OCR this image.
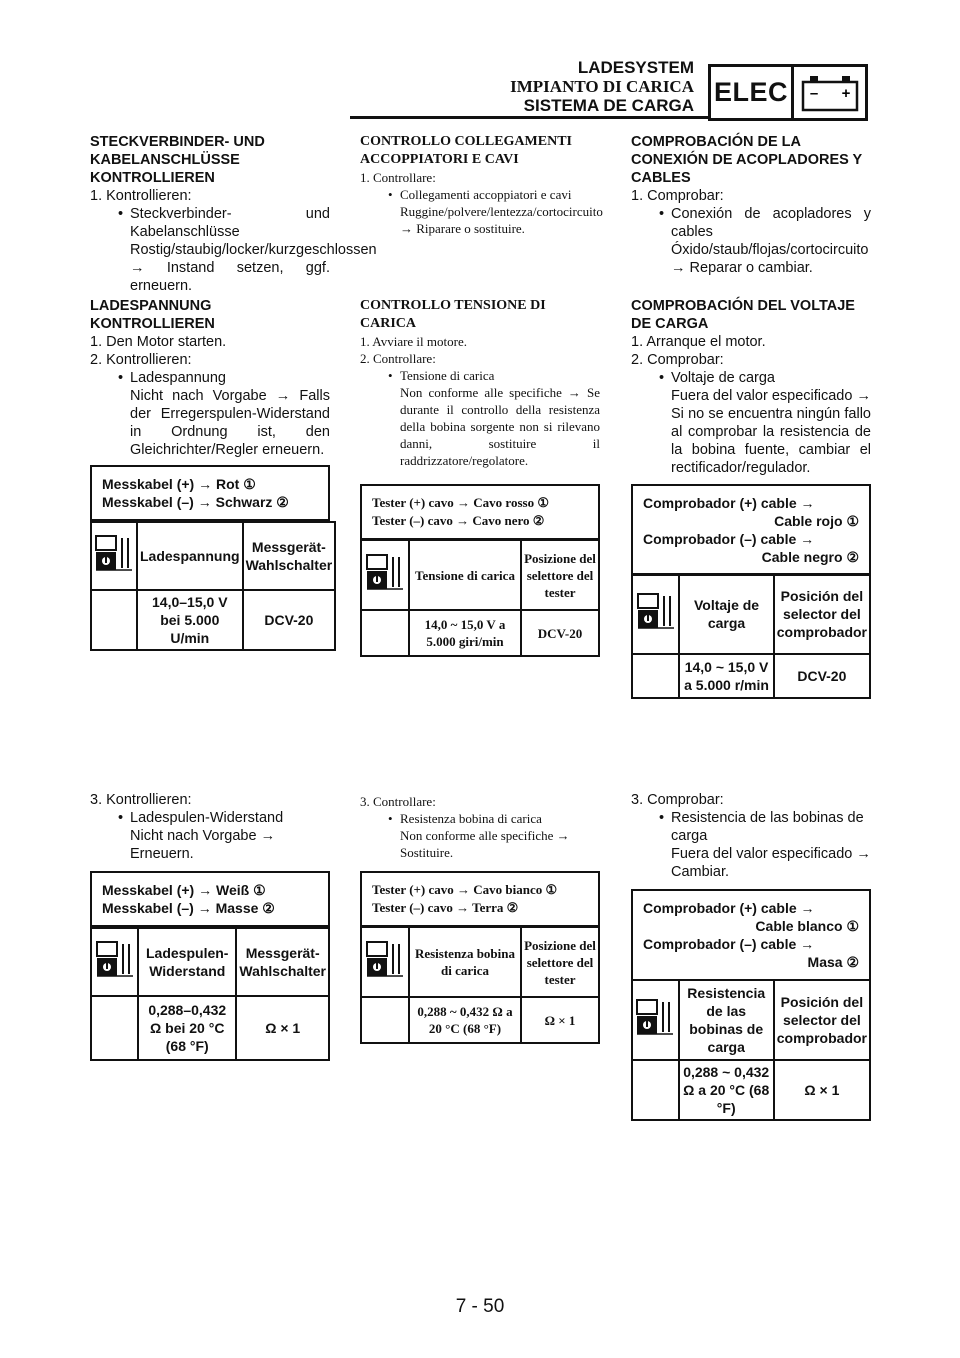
LADESYSTEM
IMPIANTO DI CARICA
SISTEMA DE CARGA ELEC	– +
STECKVERBINDER- UND KABELANSCHLÜSSE KONTROLLIEREN
1. Kontrollieren:
• Steckverbinder- und Kabelanschlüsse
Rostig/staubig/locker/kurzgeschlossen → Instand setzen, ggf. erneuern.
LADESPANNUNG KONTROLLIEREN
1. Den Motor starten.
2. Kontrollieren:
• Ladespannung
Nicht nach Vorgabe → Falls der Erregerspulen-Widerstand in Ordnung ist, den Gleichrichter/Regler erneuern.
Messkabel (+) → Rot ①
Messkabel (–) → Schwarz ②
	Ladespannung	Messgerät-Wahlschalter
	14,0–15,0 V bei 5.000 U/min	DCV-20
3. Kontrollieren:
• Ladespulen-Widerstand
Nicht nach Vorgabe → Erneuern.
Messkabel (+) → Weiß ①
Messkabel (–) → Masse ②
	Ladespulen-Widerstand	Messgerät-Wahlschalter
	0,288–0,432 Ω bei 20 °C (68 °F)	Ω × 1
CONTROLLO COLLEGAMENTI ACCOPPIATORI E CAVI
1. Controllare:
• Collegamenti accoppiatori e cavi
Ruggine/polvere/lentezza/cortocircuito → Riparare o sostituire.
CONTROLLO TENSIONE DI CARICA
1. Avviare il motore.
2. Controllare:
• Tensione di carica
Non conforme alle specifiche → Se durante il controllo della resistenza della bobina sorgente non si rilevano danni, sostituire il raddrizzatore/regolatore.
Tester (+) cavo → Cavo rosso ①
Tester (–) cavo → Cavo nero ②
	Tensione di carica	Posizione del selettore del tester
	14,0 ~ 15,0 V a 5.000 giri/min	DCV-20
3. Controllare:
• Resistenza bobina di carica
Non conforme alle specifiche → Sostituire.
Tester (+) cavo → Cavo bianco ①
Tester (–) cavo → Terra ②
	Resistenza bobina di carica	Posizione del selettore del tester
	0,288 ~ 0,432 Ω a 20 °C (68 °F)	Ω × 1
COMPROBACIÓN DE LA CONEXIÓN DE ACOPLADORES Y CABLES
1. Comprobar:
• Conexión de acopladores y cables
Óxido/staub/flojas/cortocircuito → Reparar o cambiar.
COMPROBACIÓN DEL VOLTAJE DE CARGA
1. Arranque el motor.
2. Comprobar:
• Voltaje de carga
Fuera del valor especificado → Si no se encuentra ningún fallo al comprobar la resistencia de la bobina fuente, cambiar el rectificador/regulador.
Comprobador (+) cable →
Cable rojo ①
Comprobador (–) cable →
Cable negro ②
	Voltaje de carga	Posición del selector del comprobador
	14,0 ~ 15,0 V a 5.000 r/min	DCV-20
3. Comprobar:
• Resistencia de las bobinas de carga
Fuera del valor especificado → Cambiar.
Comprobador (+) cable →
Cable blanco ①
Comprobador (–) cable →
Masa ②
	Resistencia de las bobinas de carga	Posición del selector del comprobador
	0,288 ~ 0,432 Ω a 20 °C (68 °F)	Ω × 1
7 - 50
